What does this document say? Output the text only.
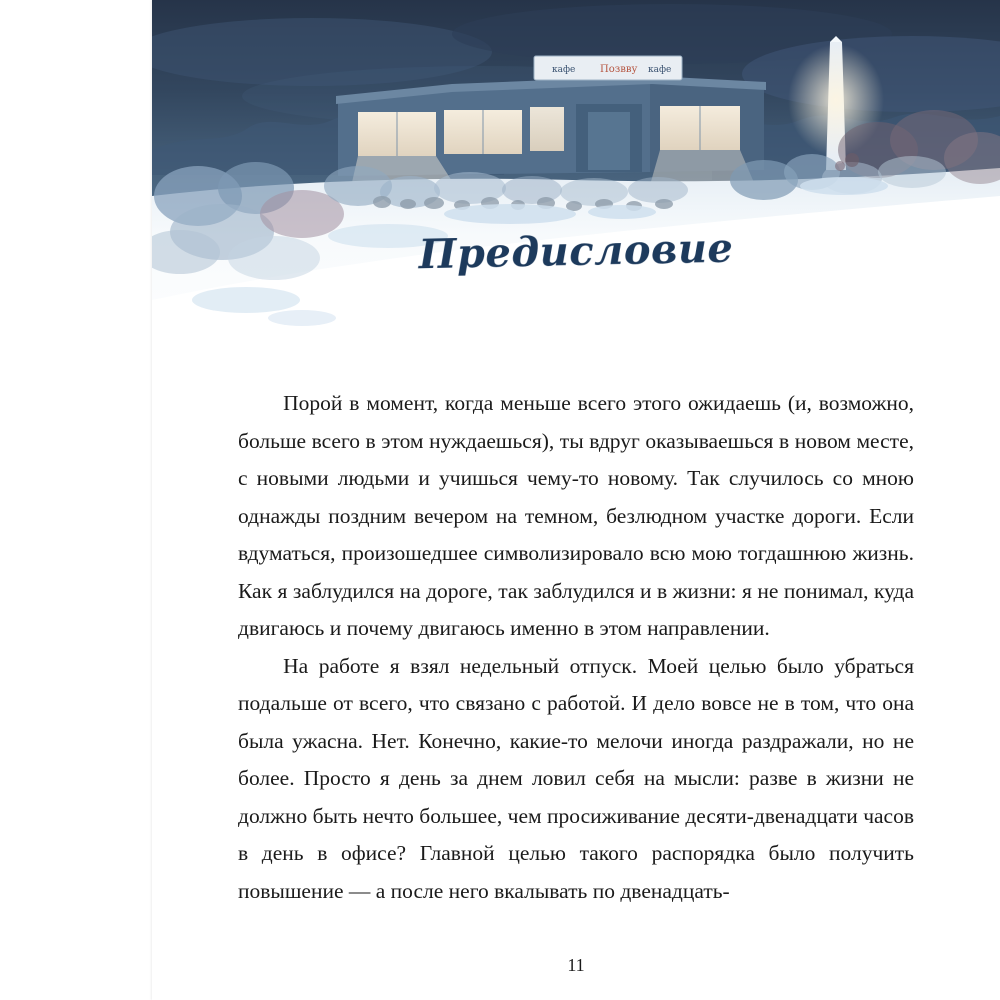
кафе Позвву кафе
Предисловие

Порой в момент, когда меньше всего этого ожидаешь (и, возможно, больше всего в этом нуждаешься), ты вдруг оказываешься в новом месте, с новыми людьми и учишься чему-то новому. Так случилось со мною однажды поздним вечером на темном, безлюдном участке дороги. Если вдуматься, произошедшее символизировало всю мою тогдашнюю жизнь. Как я заблудился на дороге, так заблудился и в жизни: я не понимал, куда двигаюсь и почему двигаюсь именно в этом направлении.

На работе я взял недельный отпуск. Моей целью было убраться подальше от всего, что связано с работой. И дело вовсе не в том, что она была ужасна. Нет. Конечно, какие-то мелочи иногда раздражали, но не более. Просто я день за днем ловил себя на мысли: разве в жизни не должно быть нечто большее, чем просиживание десяти-двенадцати часов в день в офисе? Главной целью такого распорядка было получить повышение — а после него вкалывать по двенадцать-

11
